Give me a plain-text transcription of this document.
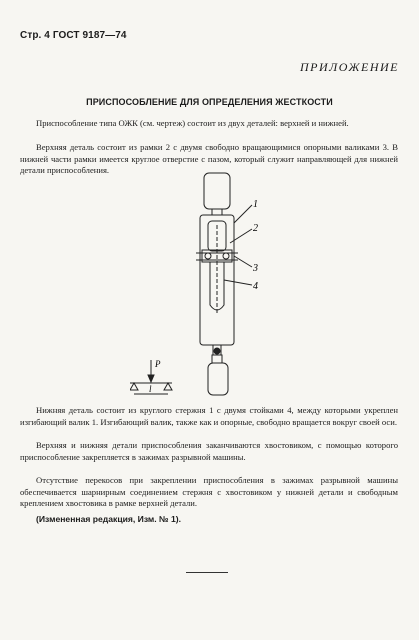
Стр. 4 ГОСТ 9187—74
ПРИЛОЖЕНИЕ
ПРИСПОСОБЛЕНИЕ ДЛЯ ОПРЕДЕЛЕНИЯ ЖЕСТКОСТИ
Приспособление типа ОЖК (см. чертеж) состоит из двух деталей: верхней и нижней.
Верхняя деталь состоит из рамки 2 с двумя свободно вращающимися опорными валиками 3. В нижней части рамки имеется круглое отверстие с пазом, который служит направляющей для нижней детали приспособления.
1
2
3
4
P
l
Нижняя деталь состоит из круглого стержня 1 с двумя стойками 4, между которыми укреплен изгибающий валик 1. Изгибающий валик, также как и опорные, свободно вращается вокруг своей оси.
Верхняя и нижняя детали приспособления заканчиваются хвостовиком, с помощью которого приспособление закрепляется в зажимах разрывной машины.
Отсутствие перекосов при закреплении приспособления в зажимах разрывной машины обеспечивается шарнирным соединением стержня с хвостовиком у нижней детали и свободным креплением хвостовика в рамке верхней детали.
(Измененная редакция, Изм. № 1).
